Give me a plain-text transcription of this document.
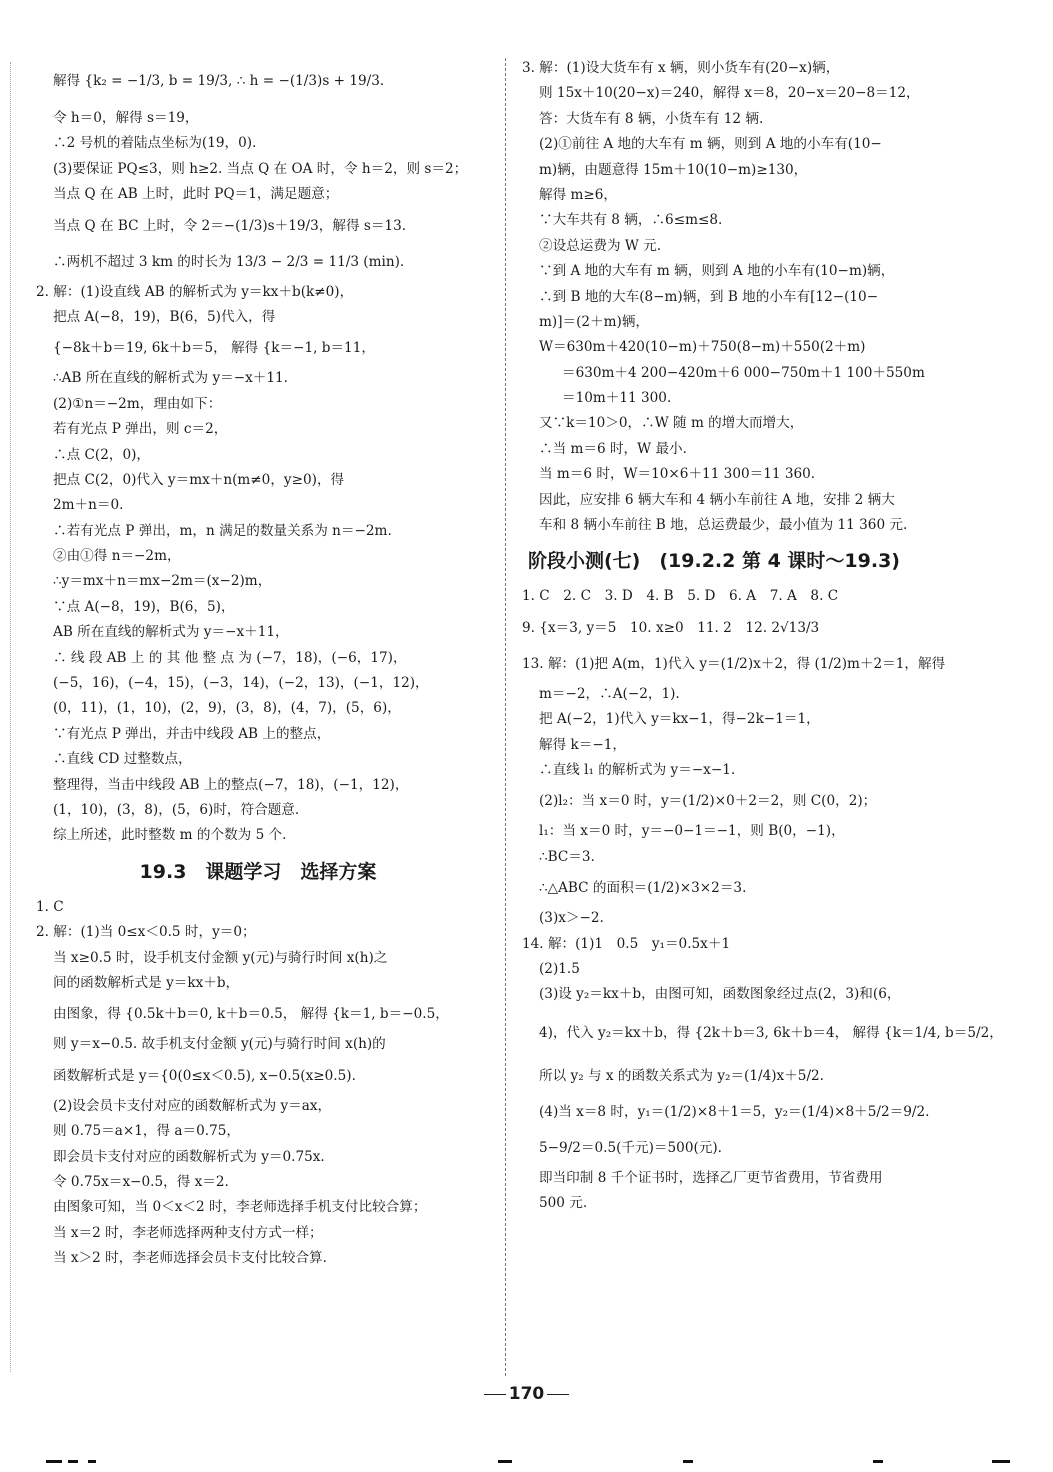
解得 {k₂ = −1/3, b = 19/3, ∴ h = −(1/3)s + 19/3.
令 h＝0，解得 s＝19，
∴2 号机的着陆点坐标为(19，0).
(3)要保证 PQ≤3，则 h≥2. 当点 Q 在 OA 时，令 h＝2，则 s＝2；
当点 Q 在 AB 上时，此时 PQ＝1，满足题意；
当点 Q 在 BC 上时，令 2＝−(1/3)s＋19/3，解得 s＝13.
∴两机不超过 3 km 的时长为 13/3 − 2/3 = 11/3 (min).
2. 解：(1)设直线 AB 的解析式为 y＝kx＋b(k≠0)，
把点 A(−8，19)，B(6，5)代入，得
{−8k＋b＝19, 6k＋b＝5， 解得 {k＝−1, b＝11，
∴AB 所在直线的解析式为 y＝−x＋11.
(2)①n＝−2m，理由如下：
若有光点 P 弹出，则 c＝2，
∴点 C(2，0)，
把点 C(2，0)代入 y＝mx＋n(m≠0，y≥0)，得
2m＋n＝0.
∴若有光点 P 弹出，m，n 满足的数量关系为 n＝−2m.
②由①得 n＝−2m，
∴y＝mx＋n＝mx−2m＝(x−2)m，
∵点 A(−8，19)，B(6，5)，
AB 所在直线的解析式为 y＝−x＋11，
∴ 线 段 AB 上 的 其 他 整 点 为 (−7，18)，(−6，17)，
(−5，16)，(−4，15)，(−3，14)，(−2，13)，(−1，12)，
(0，11)，(1，10)，(2，9)，(3，8)，(4，7)，(5，6)，
∵有光点 P 弹出，并击中线段 AB 上的整点，
∴直线 CD 过整数点，
整理得，当击中线段 AB 上的整点(−7，18)，(−1，12)，
(1，10)，(3，8)，(5，6)时，符合题意.
综上所述，此时整数 m 的个数为 5 个.
19.3　课题学习　选择方案
1. C
2. 解：(1)当 0≤x＜0.5 时，y＝0；
当 x≥0.5 时，设手机支付金额 y(元)与骑行时间 x(h)之
间的函数解析式是 y＝kx＋b，
由图象，得 {0.5k＋b＝0, k＋b＝0.5， 解得 {k＝1, b＝−0.5，
则 y＝x−0.5. 故手机支付金额 y(元)与骑行时间 x(h)的
函数解析式是 y＝{0(0≤x＜0.5), x−0.5(x≥0.5).
(2)设会员卡支付对应的函数解析式为 y＝ax，
则 0.75＝a×1，得 a＝0.75，
即会员卡支付对应的函数解析式为 y＝0.75x.
令 0.75x＝x−0.5，得 x＝2.
由图象可知，当 0＜x＜2 时，李老师选择手机支付比较合算；
当 x＝2 时，李老师选择两种支付方式一样；
当 x＞2 时，李老师选择会员卡支付比较合算.
3. 解：(1)设大货车有 x 辆，则小货车有(20−x)辆，
则 15x＋10(20−x)＝240，解得 x＝8，20−x＝20−8＝12，
答：大货车有 8 辆，小货车有 12 辆.
(2)①前往 A 地的大车有 m 辆，则到 A 地的小车有(10−
m)辆，由题意得 15m＋10(10−m)≥130，
解得 m≥6，
∵大车共有 8 辆，∴6≤m≤8.
②设总运费为 W 元.
∵到 A 地的大车有 m 辆，则到 A 地的小车有(10−m)辆，
∴到 B 地的大车(8−m)辆，到 B 地的小车有[12−(10−
m)]＝(2＋m)辆，
W＝630m＋420(10−m)＋750(8−m)＋550(2＋m)
＝630m＋4 200−420m＋6 000−750m＋1 100＋550m
＝10m＋11 300.
又∵k＝10＞0，∴W 随 m 的增大而增大，
∴当 m＝6 时，W 最小.
当 m＝6 时，W＝10×6＋11 300＝11 360.
因此，应安排 6 辆大车和 4 辆小车前往 A 地，安排 2 辆大
车和 8 辆小车前往 B 地，总运费最少，最小值为 11 360 元.
阶段小测(七)　(19.2.2 第 4 课时～19.3)
1. C　2. C　3. D　4. B　5. D　6. A　7. A　8. C
9. {x＝3, y＝5　10. x≥0　11. 2　12. 2√13/3
13. 解：(1)把 A(m，1)代入 y＝(1/2)x＋2，得 (1/2)m＋2＝1，解得
m＝−2，∴A(−2，1).
把 A(−2，1)代入 y＝kx−1，得−2k−1＝1，
解得 k＝−1，
∴直线 l₁ 的解析式为 y＝−x−1.
(2)l₂：当 x＝0 时，y＝(1/2)×0＋2＝2，则 C(0，2)；
l₁：当 x＝0 时，y＝−0−1＝−1，则 B(0，−1)，
∴BC＝3.
∴△ABC 的面积＝(1/2)×3×2＝3.
(3)x＞−2.
14. 解：(1)1　0.5　y₁＝0.5x＋1
(2)1.5
(3)设 y₂＝kx＋b，由图可知，函数图象经过点(2，3)和(6，
4)，代入 y₂＝kx＋b，得 {2k＋b＝3, 6k＋b＝4， 解得 {k＝1/4, b＝5/2，
所以 y₂ 与 x 的函数关系式为 y₂＝(1/4)x＋5/2.
(4)当 x＝8 时，y₁＝(1/2)×8＋1＝5，y₂＝(1/4)×8＋5/2＝9/2.
5−9/2＝0.5(千元)＝500(元).
即当印制 8 千个证书时，选择乙厂更节省费用，节省费用
500 元.
170
